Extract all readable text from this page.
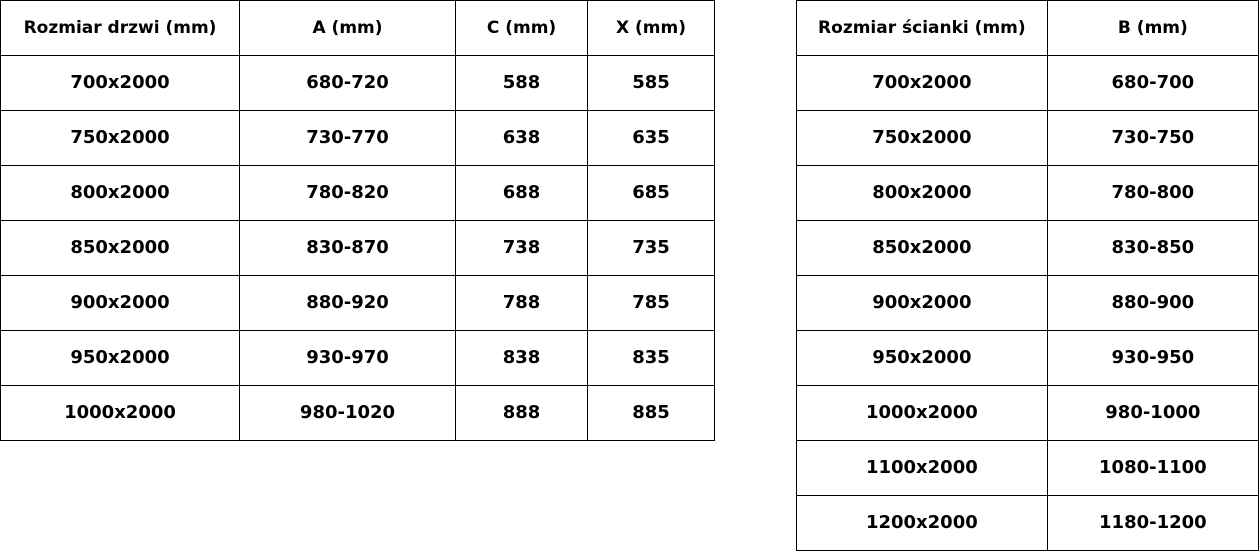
Rozmiar drzwi (mm)	A (mm)	C (mm)	X (mm)
700x2000	680-720	588	585
750x2000	730-770	638	635
800x2000	780-820	688	685
850x2000	830-870	738	735
900x2000	880-920	788	785
950x2000	930-970	838	835
1000x2000	980-1020	888	885
Rozmiar ścianki (mm)	B (mm)
700x2000	680-700
750x2000	730-750
800x2000	780-800
850x2000	830-850
900x2000	880-900
950x2000	930-950
1000x2000	980-1000
1100x2000	1080-1100
1200x2000	1180-1200
